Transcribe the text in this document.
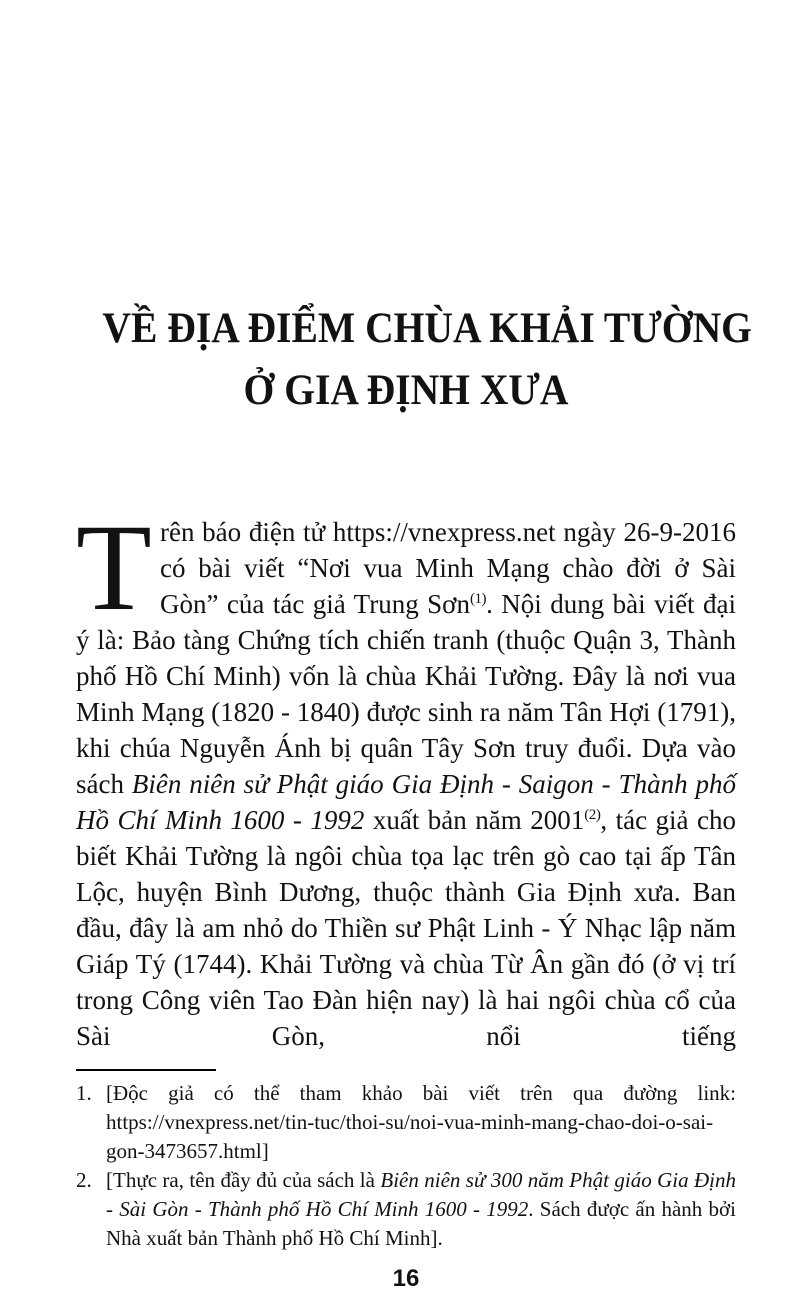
VỀ ĐỊA ĐIỂM CHÙA KHẢI TƯỜNG
Ở GIA ĐỊNH XƯA
Trên báo điện tử https://vnexpress.net ngày 26-9-2016 có bài viết “Nơi vua Minh Mạng chào đời ở Sài Gòn” của tác giả Trung Sơn$^{(1)}$. Nội dung bài viết đại ý là: Bảo tàng Chứng tích chiến tranh (thuộc Quận 3, Thành phố Hồ Chí Minh) vốn là chùa Khải Tường. Đây là nơi vua Minh Mạng (1820 - 1840) được sinh ra năm Tân Hợi (1791), khi chúa Nguyễn Ánh bị quân Tây Sơn truy đuổi. Dựa vào sách Biên niên sử Phật giáo Gia Định - Saigon - Thành phố Hồ Chí Minh 1600 - 1992 xuất bản năm 2001$^{(2)}$, tác giả cho biết Khải Tường là ngôi chùa tọa lạc trên gò cao tại ấp Tân Lộc, huyện Bình Dương, thuộc thành Gia Định xưa. Ban đầu, đây là am nhỏ do Thiền sư Phật Linh - Ý Nhạc lập năm Giáp Tý (1744). Khải Tường và chùa Từ Ân gần đó (ở vị trí trong Công viên Tao Đàn hiện nay) là hai ngôi chùa cổ của Sài Gòn, nổi tiếng
1. [Độc giả có thể tham khảo bài viết trên qua đường link: https://vnexpress.net/tin-tuc/thoi-su/noi-vua-minh-mang-chao-doi-o-sai-gon-3473657.html]
2. [Thực ra, tên đầy đủ của sách là Biên niên sử 300 năm Phật giáo Gia Định - Sài Gòn - Thành phố Hồ Chí Minh 1600 - 1992. Sách được ấn hành bởi Nhà xuất bản Thành phố Hồ Chí Minh].
16
